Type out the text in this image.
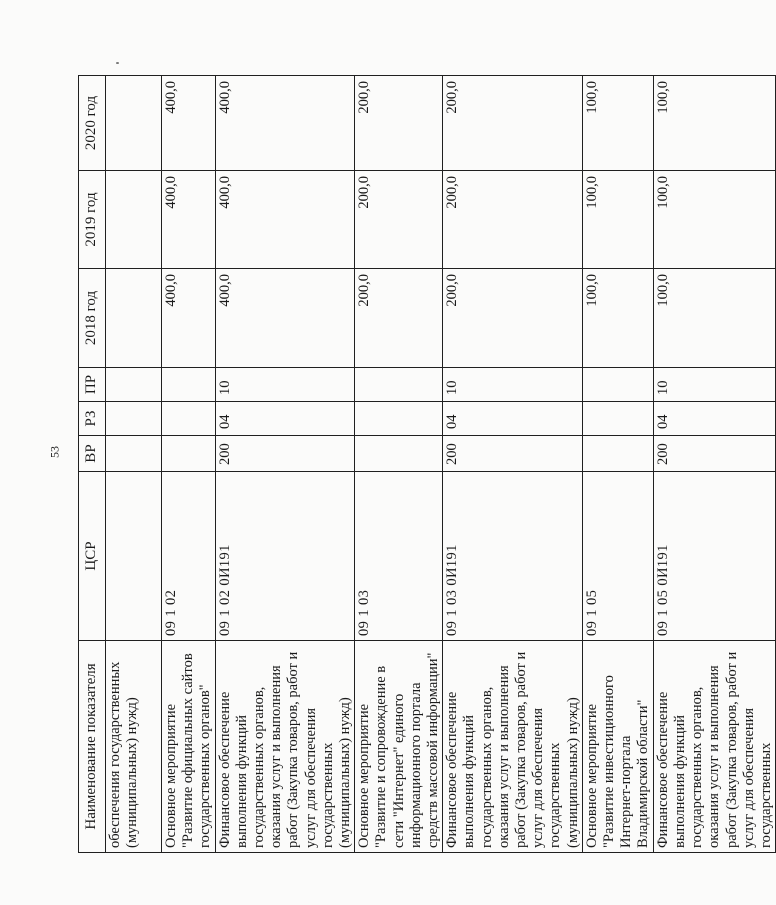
53
Наименование показателя	ЦСР	ВР	РЗ	ПР	2018 год	2019 год	2020 год
обеспечения государственных (муниципальных) нужд)							
Основное мероприятие "Развитие официальных сайтов государственных органов"	09 1 02				400,0	400,0	400,0
Финансовое обеспечение выполнения функций государственных органов, оказания услуг и выполнения работ (Закупка товаров, работ и услуг для обеспечения государственных (муниципальных) нужд)	09 1 02 0И191	200	04	10	400,0	400,0	400,0
Основное мероприятие "Развитие и сопровождение в сети "Интернет" единого информационного портала средств массовой информации"	09 1 03				200,0	200,0	200,0
Финансовое обеспечение выполнения функций государственных органов, оказания услуг и выполнения работ (Закупка товаров, работ и услуг для обеспечения государственных (муниципальных) нужд)	09 1 03 0И191	200	04	10	200,0	200,0	200,0
Основное мероприятие "Развитие инвестиционного Интернет-портала Владимирской области"	09 1 05				100,0	100,0	100,0
Финансовое обеспечение выполнения функций государственных органов, оказания услуг и выполнения работ (Закупка товаров, работ и услуг для обеспечения государственных	09 1 05 0И191	200	04	10	100,0	100,0	100,0
